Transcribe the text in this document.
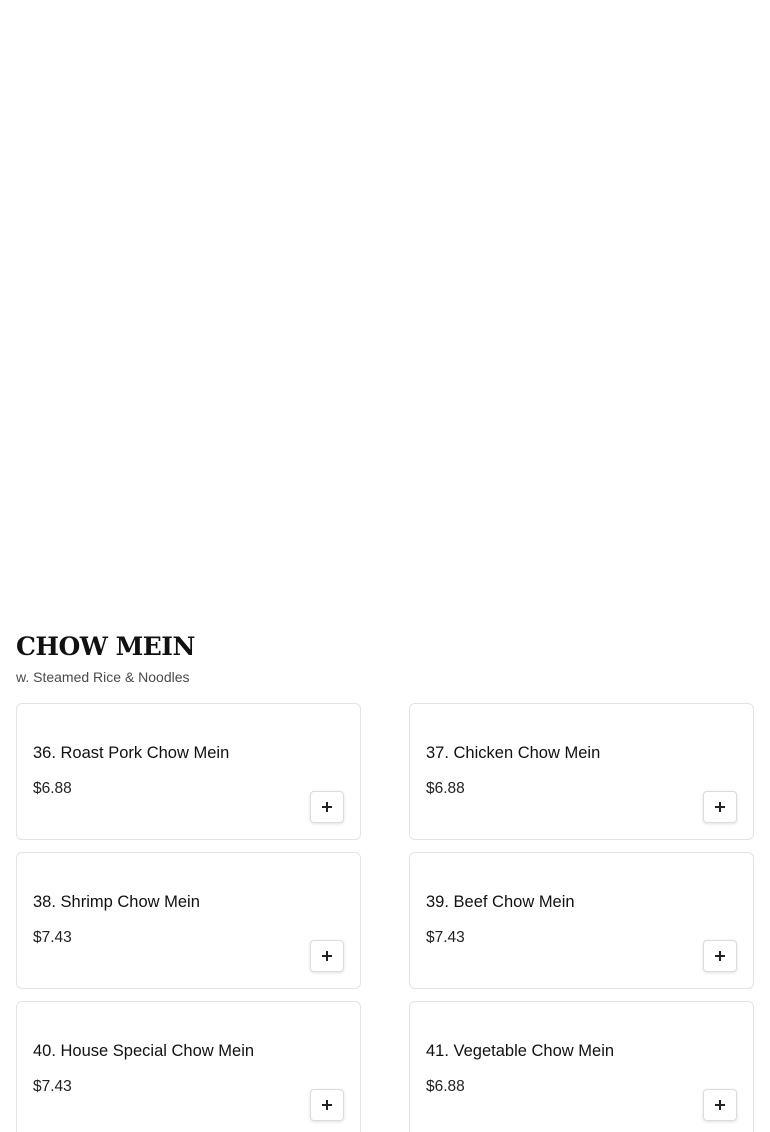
CHOW MEIN

w. Steamed Rice & Noodles

36. Roast Pork Chow Mein
$6.88
37. Chicken Chow Mein
$6.88
38. Shrimp Chow Mein
$7.43
39. Beef Chow Mein
$7.43
40. House Special Chow Mein
$7.43
41. Vegetable Chow Mein
$6.88
